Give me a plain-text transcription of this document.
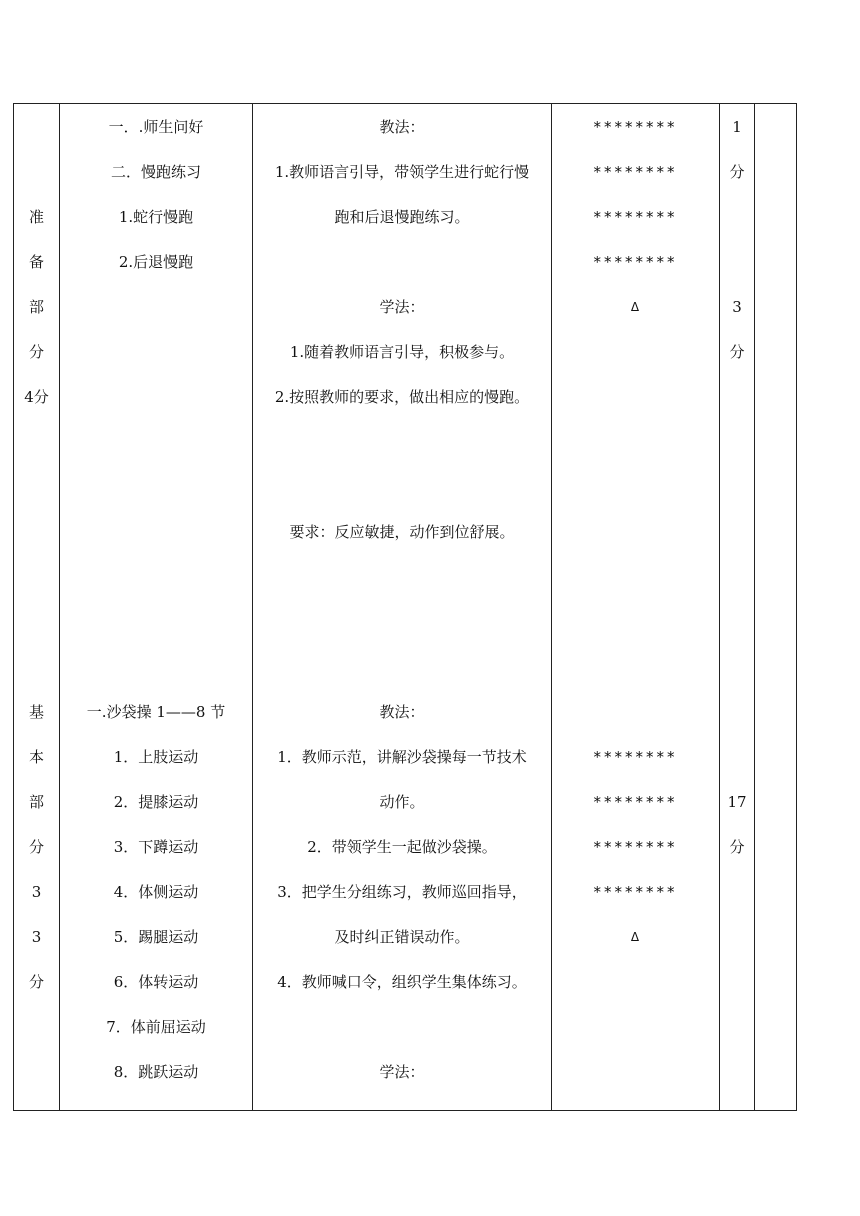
准
备
部
分
4分
基
本
部
分
3
3
分
一．.师生问好
二．慢跑练习
1.蛇行慢跑
2.后退慢跑
一.沙袋操 1——8 节
1．上肢运动
2．提膝运动
3．下蹲运动
4．体侧运动
5．踢腿运动
6．体转运动
7．体前屈运动
8．跳跃运动
教法：
1.教师语言引导，带领学生进行蛇行慢
跑和后退慢跑练习。
学法：
1.随着教师语言引导，积极参与。
2.按照教师的要求，做出相应的慢跑。
要求：反应敏捷，动作到位舒展。
教法：
1．教师示范，讲解沙袋操每一节技术
动作。
2．带领学生一起做沙袋操。
3．把学生分组练习，教师巡回指导，
及时纠正错误动作。
4．教师喊口令，组织学生集体练习。
学法：
********
********
********
********
Δ
********
********
********
********
Δ
1
分
3
分
17
分
